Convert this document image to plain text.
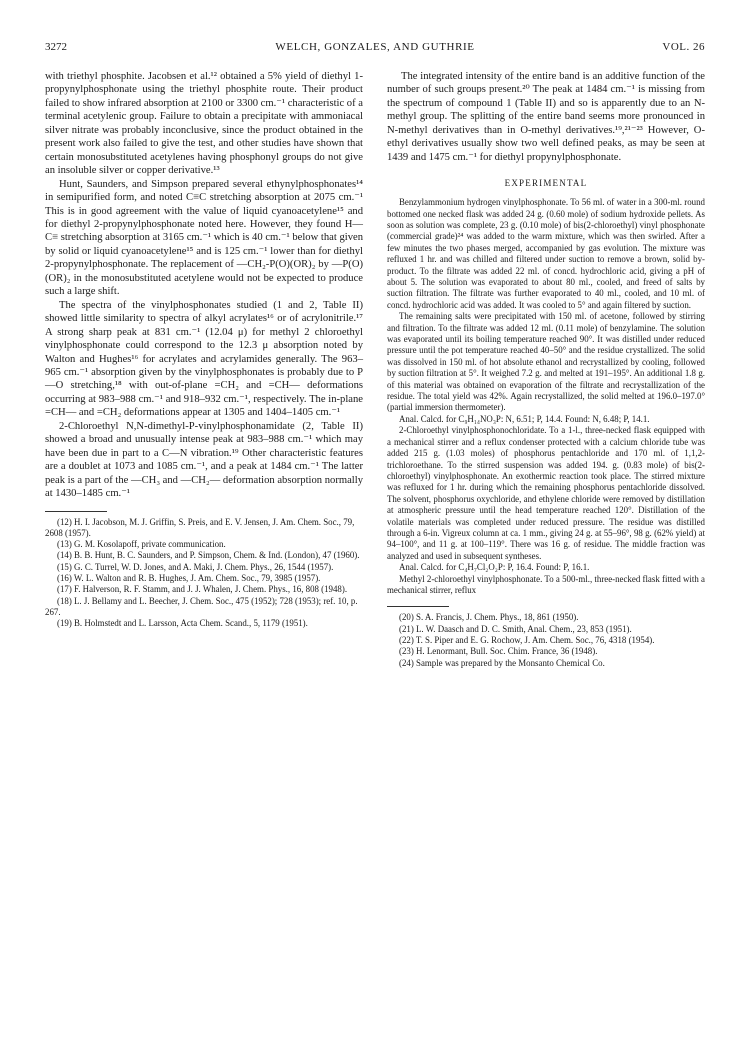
3272	WELCH, GONZALES, AND GUTHRIE	VOL. 26

with triethyl phosphite. Jacobsen et al.¹² obtained a 5% yield of diethyl 1-propynylphosphonate using the triethyl phosphite route. Their product failed to show infrared absorption at 2100 or 3300 cm.⁻¹ characteristic of a terminal acetylenic group. Failure to obtain a precipitate with ammoniacal silver nitrate was probably inconclusive, since the product obtained in the present work also failed to give the test, and other studies have shown that certain monosubstituted acetylenes having phosphonyl groups do not give an insoluble silver or copper derivative.¹³

Hunt, Saunders, and Simpson prepared several ethynylphosphonates¹⁴ in semipurified form, and noted C≡C stretching absorption at 2075 cm.⁻¹ This is in good agreement with the value of liquid cyanoacetylene¹⁵ and for diethyl 2-propynylphosphonate noted here. However, they found H—C≡ stretching absorption at 3165 cm.⁻¹ which is 40 cm.⁻¹ below that given by solid or liquid cyanoacetylene¹⁵ and is 125 cm.⁻¹ lower than for diethyl 2-propynylphosphonate. The replacement of —CH₂-P(O)(OR)₂ by —P(O)(OR)₂ in the monosubstituted acetylene would not be expected to produce such a large shift.

The spectra of the vinylphosphonates studied (1 and 2, Table II) showed little similarity to spectra of alkyl acrylates¹⁶ or of acrylonitrile.¹⁷ A strong sharp peak at 831 cm.⁻¹ (12.04 μ) for methyl 2 chloroethyl vinylphosphonate could correspond to the 12.3 μ absorption noted by Walton and Hughes¹⁶ for acrylates and acrylamides generally. The 963–965 cm.⁻¹ absorption given by the vinylphosphonates is probably due to P—O stretching,¹⁸ with out-of-plane =CH₂ and =CH— deformations occurring at 983–988 cm.⁻¹ and 918–932 cm.⁻¹, respectively. The in-plane =CH— and =CH₂ deformations appear at 1305 and 1404–1405 cm.⁻¹

2-Chloroethyl N,N-dimethyl-P-vinylphosphonamidate (2, Table II) showed a broad and unusually intense peak at 983–988 cm.⁻¹ which may have been due in part to a C—N vibration.¹⁹ Other characteristic features are a doublet at 1073 and 1085 cm.⁻¹, and a peak at 1484 cm.⁻¹ The latter peak is a part of the —CH₃ and —CH₂— deformation absorption normally at 1430–1485 cm.⁻¹

(12) H. I. Jacobson, M. J. Griffin, S. Preis, and E. V. Jensen, J. Am. Chem. Soc., 79, 2608 (1957).

(13) G. M. Kosolapoff, private communication.

(14) B. B. Hunt, B. C. Saunders, and P. Simpson, Chem. & Ind. (London), 47 (1960).

(15) G. C. Turrel, W. D. Jones, and A. Maki, J. Chem. Phys., 26, 1544 (1957).

(16) W. L. Walton and R. B. Hughes, J. Am. Chem. Soc., 79, 3985 (1957).

(17) F. Halverson, R. F. Stamm, and J. J. Whalen, J. Chem. Phys., 16, 808 (1948).

(18) L. J. Bellamy and L. Beecher, J. Chem. Soc., 475 (1952); 728 (1953); ref. 10, p. 267.

(19) B. Holmstedt and L. Larsson, Acta Chem. Scand., 5, 1179 (1951).

The integrated intensity of the entire band is an additive function of the number of such groups present.²⁰ The peak at 1484 cm.⁻¹ is missing from the spectrum of compound 1 (Table II) and so is apparently due to an N-methyl group. The splitting of the entire band seems more pronounced in N-methyl derivatives than in O-methyl derivatives.¹⁹,²¹⁻²³ However, O-ethyl derivatives usually show two well defined peaks, as may be seen at 1439 and 1475 cm.⁻¹ for diethyl propynylphosphonate.

EXPERIMENTAL

Benzylammonium hydrogen vinylphosphonate. To 56 ml. of water in a 300-ml. round bottomed one necked flask was added 24 g. (0.60 mole) of sodium hydroxide pellets. As soon as solution was complete, 23 g. (0.10 mole) of bis(2-chloroethyl) vinyl phosphonate (commercial grade)²⁴ was added to the warm mixture, which was then swirled. After a few minutes the two phases merged, accompanied by gas evolution. The mixture was refluxed 1 hr. and was chilled and filtered under suction to remove a brown, solid by-product. To the filtrate was added 22 ml. of concd. hydrochloric acid, giving a pH of about 5. The solution was evaporated to about 80 ml., cooled, and freed of salts by suction filtration. The filtrate was further evaporated to 40 ml., cooled, and 10 ml. of concd. hydrochloric acid was added. It was cooled to 5° and again filtered by suction.

The remaining salts were precipitated with 150 ml. of acetone, followed by stirring and filtration. To the filtrate was added 12 ml. (0.11 mole) of benzylamine. The solution was evaporated until its boiling temperature reached 90°. It was distilled under reduced pressure until the pot temperature reached 40–50° and the residue crystallized. The solid was dissolved in 150 ml. of hot absolute ethanol and recrystallized by cooling, followed by suction filtration at 5°. It weighed 7.2 g. and melted at 191–195°. An additional 1.8 g. of this material was obtained on evaporation of the filtrate and recrystallization of the residue. The total yield was 42%. Again recrystallized, the solid melted at 196.0–197.0° (partial immersion thermometer).

Anal. Calcd. for C₉H₁₄NO₃P: N, 6.51; P, 14.4. Found: N, 6.48; P, 14.1.

2-Chloroethyl vinylphosphonochloridate. To a 1-l., three-necked flask equipped with a mechanical stirrer and a reflux condenser protected with a calcium chloride tube was added 215 g. (1.03 moles) of phosphorus pentachloride and 170 ml. of 1,1,2-trichloroethane. To the stirred suspension was added 194. g. (0.83 mole) of bis(2-chloroethyl) vinylphosphonate. An exothermic reaction took place. The stirred mixture was refluxed for 1 hr. during which the remaining phosphorus pentachloride dissolved. The solvent, phosphorus oxychloride, and ethylene chloride were removed by distillation at atmospheric pressure until the head temperature reached 120°. Distillation of the volatile materials was completed under reduced pressure. The residue was distilled through a 6-in. Vigreux column at ca. 1 mm., giving 24 g. at 55–96°, 98 g. (62% yield) at 94–100°, and 11 g. at 100–119°. There was 16 g. of residue. The middle fraction was analyzed and used in subsequent syntheses.

Anal. Calcd. for C₄H₇Cl₂O₂P: P, 16.4. Found: P, 16.1.

Methyl 2-chloroethyl vinylphosphonate. To a 500-ml., three-necked flask fitted with a mechanical stirrer, reflux

(20) S. A. Francis, J. Chem. Phys., 18, 861 (1950).

(21) L. W. Daasch and D. C. Smith, Anal. Chem., 23, 853 (1951).

(22) T. S. Piper and E. G. Rochow, J. Am. Chem. Soc., 76, 4318 (1954).

(23) H. Lenormant, Bull. Soc. Chim. France, 36 (1948).

(24) Sample was prepared by the Monsanto Chemical Co.
